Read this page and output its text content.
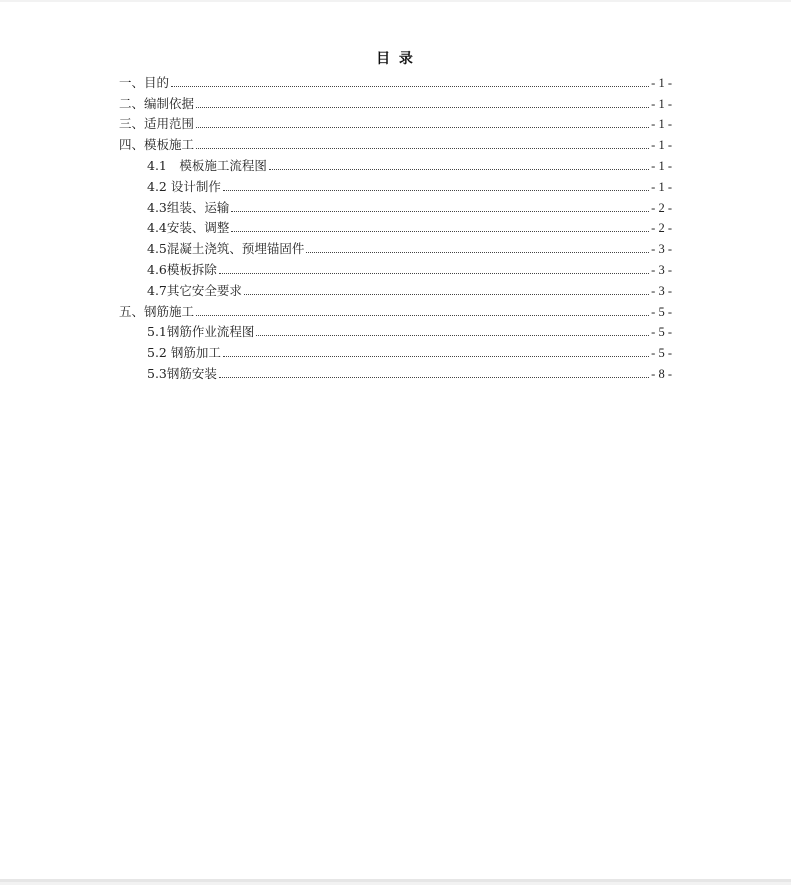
目 录
一、目的	- 1 -
二、编制依据	- 1 -
三、适用范围	- 1 -
四、模板施工	- 1 -
4.1　模板施工流程图	- 1 -
4.2 设计制作	- 1 -
4.3组装、运输	- 2 -
4.4安装、调整	- 2 -
4.5混凝土浇筑、预埋锚固件	- 3 -
4.6模板拆除	- 3 -
4.7其它安全要求	- 3 -
五、钢筋施工	- 5 -
5.1钢筋作业流程图	- 5 -
5.2 钢筋加工	- 5 -
5.3钢筋安装	- 8 -
